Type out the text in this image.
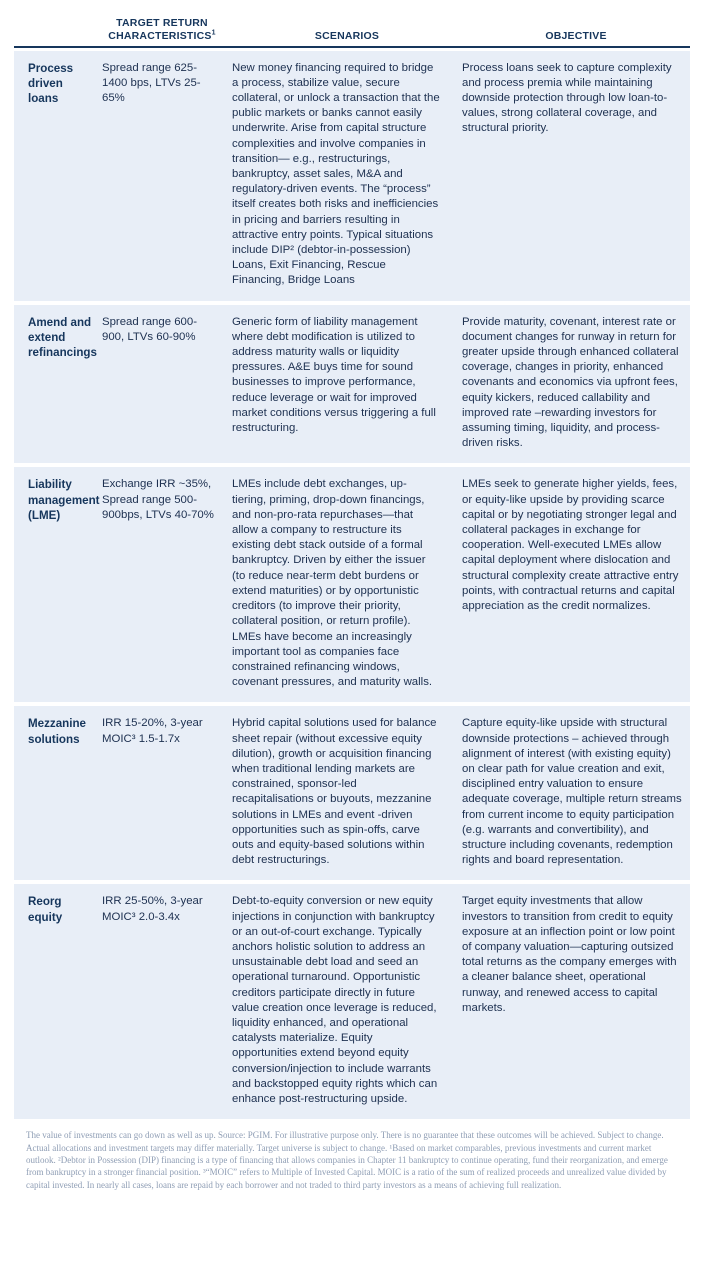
TARGET RETURN
CHARACTERISTICS$^1$	SCENARIOS	OBJECTIVE
Process driven loans
Spread range 625-1400 bps, LTVs 25-65%
New money financing required to bridge a process, stabilize value, secure collateral, or unlock a transaction that the public markets or banks cannot easily underwrite. Arise from capital structure complexities and involve companies in transition— e.g., restructurings, bankruptcy, asset sales, M&A and regulatory-driven events. The “process” itself creates both risks and inefficiencies in pricing and barriers resulting in attractive entry points. Typical situations include DIP² (debtor-in-possession) Loans, Exit Financing, Rescue Financing, Bridge Loans
Process loans seek to capture complexity and process premia while maintaining downside protection through low loan-to-values, strong collateral coverage, and structural priority.
Amend and extend refinancings
Spread range 600-900, LTVs 60-90%
Generic form of liability management where debt modification is utilized to address maturity walls or liquidity pressures. A&E buys time for sound businesses to improve performance, reduce leverage or wait for improved market conditions versus triggering a full restructuring.
Provide maturity, covenant, interest rate or document changes for runway in return for greater upside through enhanced collateral coverage, changes in priority, enhanced covenants and economics via upfront fees, equity kickers, reduced callability and improved rate –rewarding investors for assuming timing, liquidity, and process-driven risks.
Liability management (LME)
Exchange IRR ~35%, Spread range 500-900bps, LTVs 40-70%
LMEs include debt exchanges, up-tiering, priming, drop-down financings, and non-pro-rata repurchases—that allow a company to restructure its existing debt stack outside of a formal bankruptcy. Driven by either the issuer (to reduce near-term debt burdens or extend maturities) or by opportunistic creditors (to improve their priority, collateral position, or return profile). LMEs have become an increasingly important tool as companies face constrained refinancing windows, covenant pressures, and maturity walls.
LMEs seek to generate higher yields, fees, or equity-like upside by providing scarce capital or by negotiating stronger legal and collateral packages in exchange for cooperation. Well-executed LMEs allow capital deployment where dislocation and structural complexity create attractive entry points, with contractual returns and capital appreciation as the credit normalizes.
Mezzanine solutions
IRR 15-20%, 3-year MOIC³ 1.5-1.7x
Hybrid capital solutions used for balance sheet repair (without excessive equity dilution), growth or acquisition financing when traditional lending markets are constrained, sponsor-led recapitalisations or buyouts, mezzanine solutions in LMEs and event -driven opportunities such as spin-offs, carve outs and equity-based solutions within debt restructurings.
Capture equity-like upside with structural downside protections – achieved through alignment of interest (with existing equity) on clear path for value creation and exit, disciplined entry valuation to ensure adequate coverage, multiple return streams from current income to equity participation (e.g. warrants and convertibility), and structure including covenants, redemption rights and board representation.
Reorg equity
IRR 25-50%, 3-year MOIC³ 2.0-3.4x
Debt-to-equity conversion or new equity injections in conjunction with bankruptcy or an out-of-court exchange. Typically anchors holistic solution to address an unsustainable debt load and seed an operational turnaround. Opportunistic creditors participate directly in future value creation once leverage is reduced, liquidity enhanced, and operational catalysts materialize. Equity opportunities extend beyond equity conversion/injection to include warrants and backstopped equity rights which can enhance post-restructuring upside.
Target equity investments that allow investors to transition from credit to equity exposure at an inflection point or low point of company valuation—capturing outsized total returns as the company emerges with a cleaner balance sheet, operational runway, and renewed access to capital markets.
The value of investments can go down as well as up. Source: PGIM. For illustrative purpose only. There is no guarantee that these outcomes will be achieved. Subject to change. Actual allocations and investment targets may differ materially. Target universe is subject to change. ¹Based on market comparables, previous investments and current market outlook. ²Debtor in Possession (DIP) financing is a type of financing that allows companies in Chapter 11 bankruptcy to continue operating, fund their reorganization, and emerge from bankruptcy in a stronger financial position. ³“MOIC” refers to Multiple of Invested Capital. MOIC is a ratio of the sum of realized proceeds and unrealized value divided by capital invested. In nearly all cases, loans are repaid by each borrower and not traded to third party investors as a means of achieving full realization.
